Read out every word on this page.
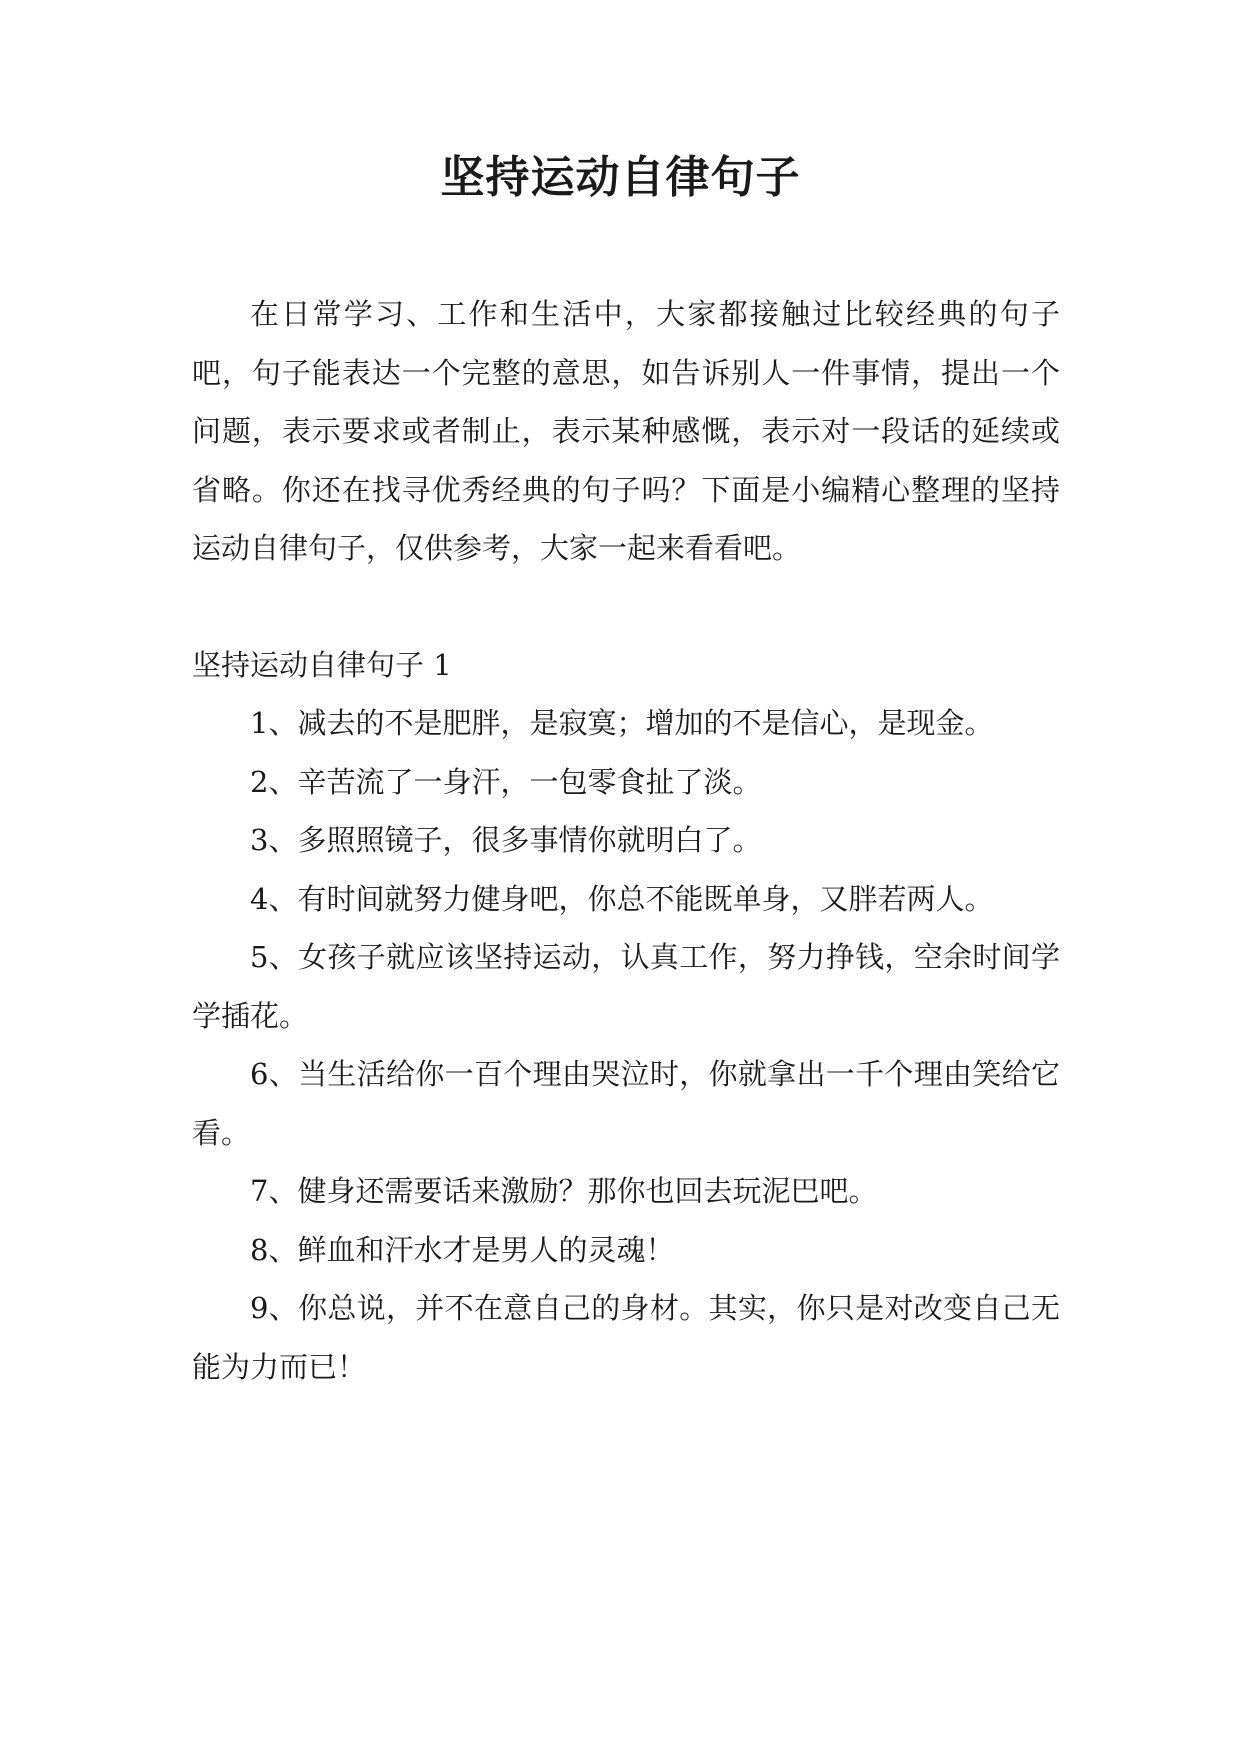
坚持运动自律句子

在日常学习、工作和生活中，大家都接触过比较经典的句子吧，句子能表达一个完整的意思，如告诉别人一件事情，提出一个问题，表示要求或者制止，表示某种感慨，表示对一段话的延续或省略。你还在找寻优秀经典的句子吗？下面是小编精心整理的坚持运动自律句子，仅供参考，大家一起来看看吧。

坚持运动自律句子 1

1、减去的不是肥胖，是寂寞；增加的不是信心，是现金。

2、辛苦流了一身汗，一包零食扯了淡。

3、多照照镜子，很多事情你就明白了。

4、有时间就努力健身吧，你总不能既单身，又胖若两人。

5、女孩子就应该坚持运动，认真工作，努力挣钱，空余时间学学插花。

6、当生活给你一百个理由哭泣时，你就拿出一千个理由笑给它看。

7、健身还需要话来激励？那你也回去玩泥巴吧。

8、鲜血和汗水才是男人的灵魂！

9、你总说，并不在意自己的身材。其实，你只是对改变自己无能为力而已！
